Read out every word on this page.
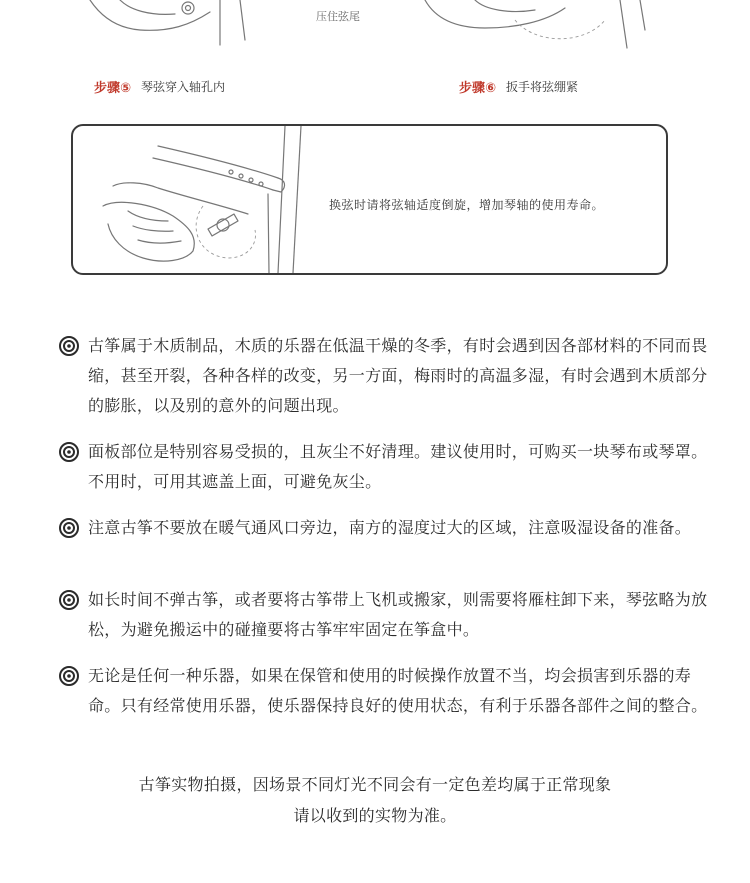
压住弦尾
步骤⑤ 琴弦穿入轴孔内	步骤⑥ 扳手将弦绷紧
换弦时请将弦轴适度倒旋，增加琴轴的使用寿命。
古筝属于木质制品，木质的乐器在低温干燥的冬季，有时会遇到因各部材料的不同而畏缩，甚至开裂，各种各样的改变，另一方面，梅雨时的高温多湿，有时会遇到木质部分的膨胀，以及别的意外的问题出现。
面板部位是特别容易受损的，且灰尘不好清理。建议使用时，可购买一块琴布或琴罩。不用时，可用其遮盖上面，可避免灰尘。
注意古筝不要放在暖气通风口旁边，南方的湿度过大的区域，注意吸湿设备的准备。
如长时间不弹古筝，或者要将古筝带上飞机或搬家，则需要将雁柱卸下来，琴弦略为放松，为避免搬运中的碰撞要将古筝牢牢固定在筝盒中。
无论是任何一种乐器，如果在保管和使用的时候操作放置不当，均会损害到乐器的寿命。只有经常使用乐器，使乐器保持良好的使用状态，有利于乐器各部件之间的整合。
古筝实物拍摄，因场景不同灯光不同会有一定色差均属于正常现象
请以收到的实物为准。
